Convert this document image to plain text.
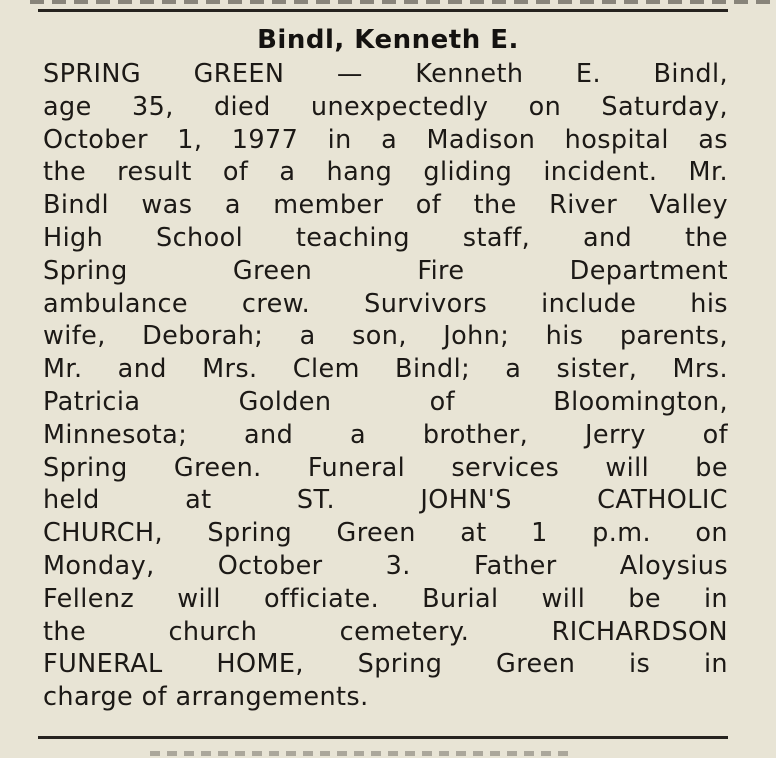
Bindl, Kenneth E.
SPRING GREEN — Kenneth E. Bindl,
age 35, died unexpectedly on Saturday,
October 1, 1977 in a Madison hospital as
the result of a hang gliding incident. Mr.
Bindl was a member of the River Valley
High School teaching staff, and the
Spring Green Fire Department
ambulance crew. Survivors include his
wife, Deborah; a son, John; his parents,
Mr. and Mrs. Clem Bindl; a sister, Mrs.
Patricia Golden of Bloomington,
Minnesota; and a brother, Jerry of
Spring Green. Funeral services will be
held at ST. JOHN'S CATHOLIC
CHURCH, Spring Green at 1 p.m. on
Monday, October 3. Father Aloysius
Fellenz will officiate. Burial will be in
the church cemetery. RICHARDSON
FUNERAL HOME, Spring Green is in
charge of arrangements.
